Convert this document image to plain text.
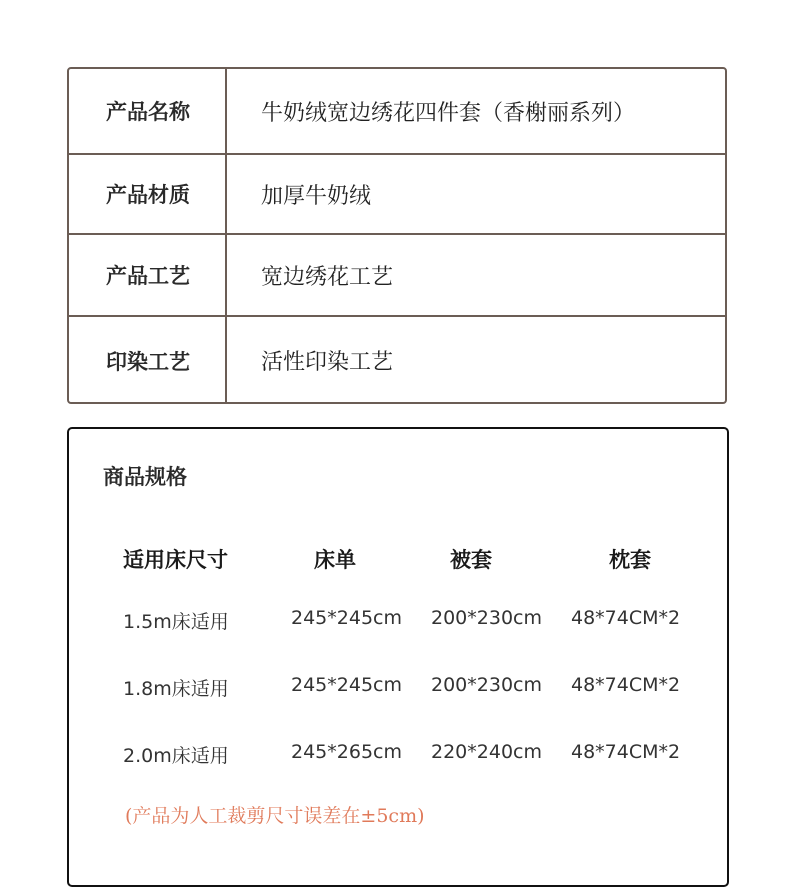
产品名称	牛奶绒宽边绣花四件套（香榭丽系列）
产品材质	加厚牛奶绒
产品工艺	宽边绣花工艺
印染工艺	活性印染工艺
商品规格
适用床尺寸	床单	被套	枕套
1.5m床适用	245*245cm 200*230cm 48*74CM*2
1.8m床适用	245*245cm 200*230cm 48*74CM*2
2.0m床适用	245*265cm 220*240cm 48*74CM*2
(产品为人工裁剪尺寸误差在±5cm)
